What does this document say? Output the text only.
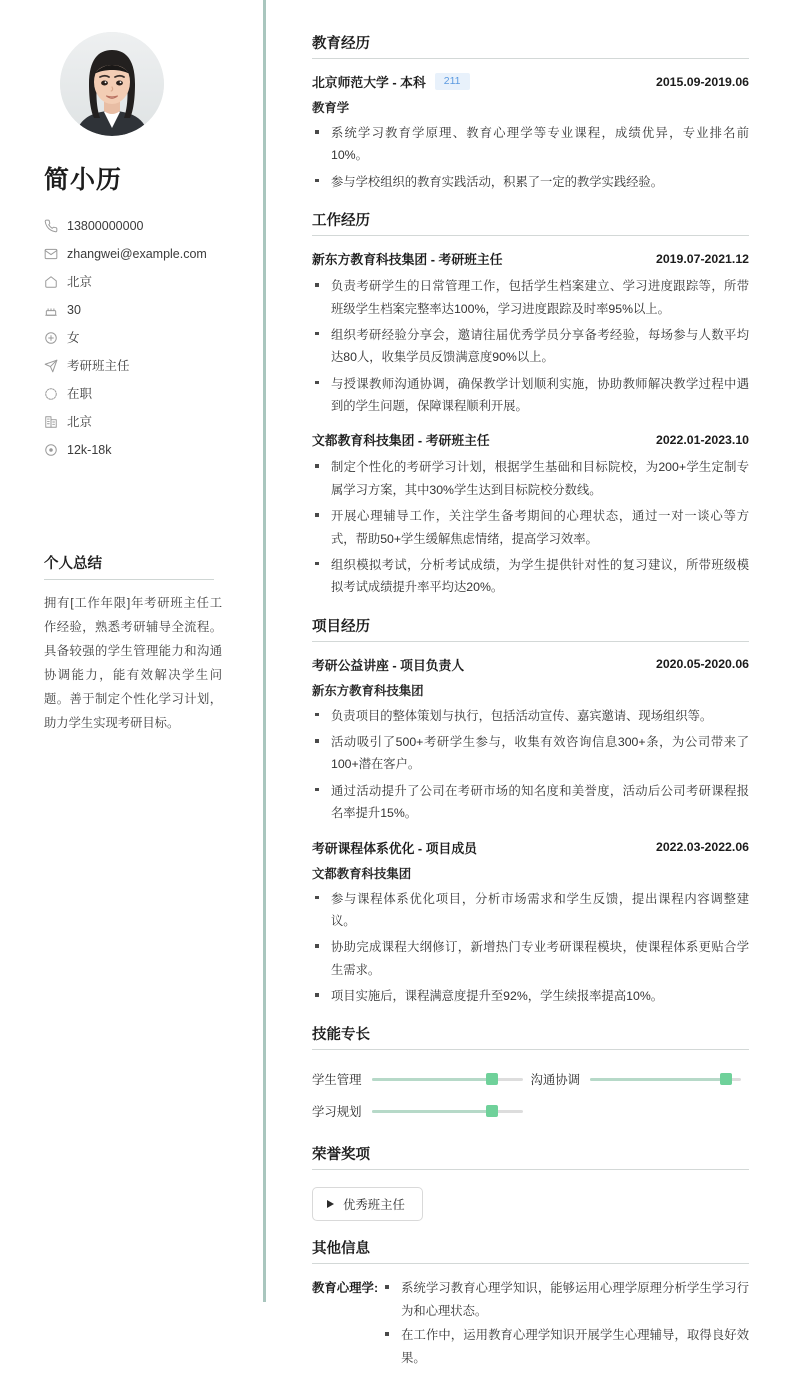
简小历
13800000000
zhangwei@example.com
北京
30
女
考研班主任
在职
北京
12k-18k
个人总结
拥有[工作年限]年考研班主任工作经验，熟悉考研辅导全流程。具备较强的学生管理能力和沟通协调能力，能有效解决学生问题。善于制定个性化学习计划，助力学生实现考研目标。
教育经历
北京师范大学 - 本科	211	2015.09-2019.06
教育学
系统学习教育学原理、教育心理学等专业课程，成绩优异，专业排名前10%。
参与学校组织的教育实践活动，积累了一定的教学实践经验。
工作经历
新东方教育科技集团 - 考研班主任	2019.07-2021.12
负责考研学生的日常管理工作，包括学生档案建立、学习进度跟踪等，所带班级学生档案完整率达100%，学习进度跟踪及时率95%以上。
组织考研经验分享会，邀请往届优秀学员分享备考经验，每场参与人数平均达80人，收集学员反馈满意度90%以上。
与授课教师沟通协调，确保教学计划顺利实施，协助教师解决教学过程中遇到的学生问题，保障课程顺利开展。
文都教育科技集团 - 考研班主任	2022.01-2023.10
制定个性化的考研学习计划，根据学生基础和目标院校，为200+学生定制专属学习方案，其中30%学生达到目标院校分数线。
开展心理辅导工作，关注学生备考期间的心理状态，通过一对一谈心等方式，帮助50+学生缓解焦虑情绪，提高学习效率。
组织模拟考试，分析考试成绩，为学生提供针对性的复习建议，所带班级模拟考试成绩提升率平均达20%。
项目经历
考研公益讲座 - 项目负责人	2020.05-2020.06
新东方教育科技集团
负责项目的整体策划与执行，包括活动宣传、嘉宾邀请、现场组织等。
活动吸引了500+考研学生参与，收集有效咨询信息300+条，为公司带来了100+潜在客户。
通过活动提升了公司在考研市场的知名度和美誉度，活动后公司考研课程报名率提升15%。
考研课程体系优化 - 项目成员	2022.03-2022.06
文都教育科技集团
参与课程体系优化项目，分析市场需求和学生反馈，提出课程内容调整建议。
协助完成课程大纲修订，新增热门专业考研课程模块，使课程体系更贴合学生需求。
项目实施后，课程满意度提升至92%，学生续报率提高10%。
技能专长
学生管理	沟通协调
学习规划
荣誉奖项
优秀班主任
其他信息
教育心理学:	系统学习教育心理学知识，能够运用心理学原理分析学生学习行为和心理状态。
在工作中，运用教育心理学知识开展学生心理辅导，取得良好效果。
